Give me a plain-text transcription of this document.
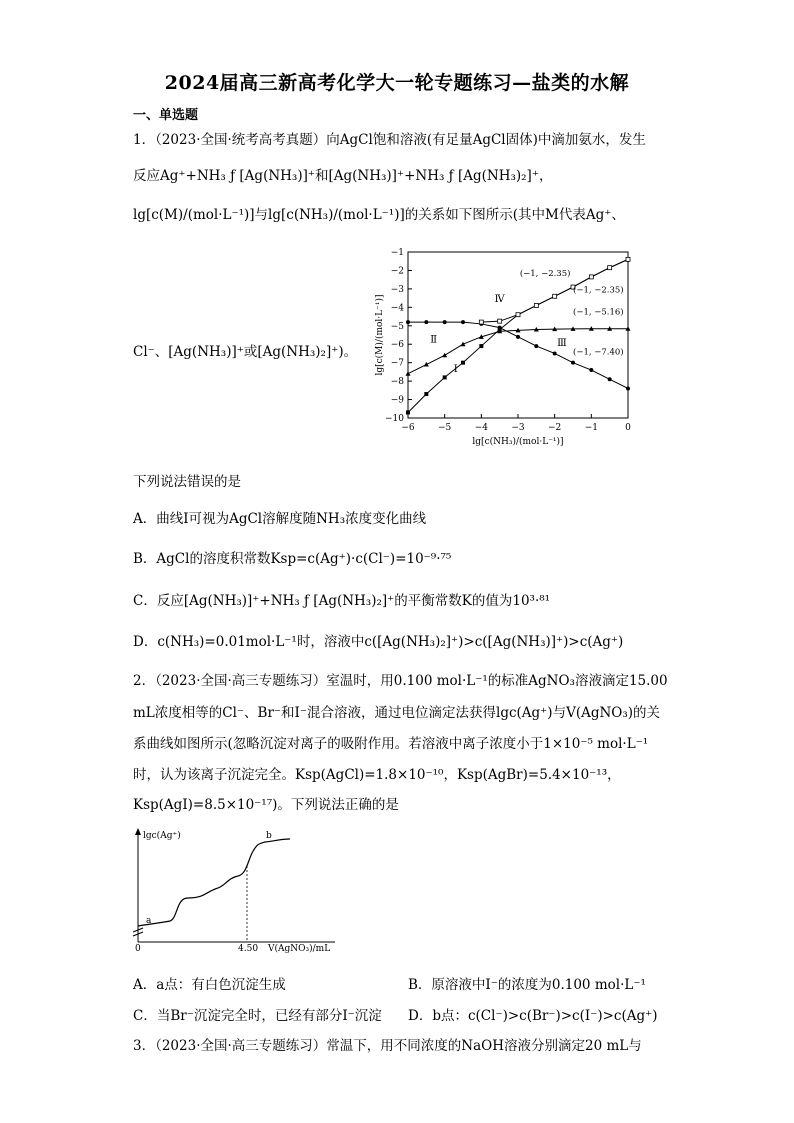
2024届高三新高考化学大一轮专题练习—盐类的水解
一、单选题
1．（2023·全国·统考高考真题）向AgCl饱和溶液(有足量AgCl固体)中滴加氨水，发生
反应Ag⁺+NH₃ ƒ [Ag(NH₃)]⁺和[Ag(NH₃)]⁺+NH₃ ƒ [Ag(NH₃)₂]⁺，
lg[c(M)/(mol·L⁻¹)]与lg[c(NH₃)/(mol·L⁻¹)]的关系如下图所示(其中M代表Ag⁺、
Cl⁻、[Ag(NH₃)]⁺或[Ag(NH₃)₂]⁺)。
−6	−5	−4	−3	−2	−1	0
−1
−2
−3
−4
−5
−6
−7
−8
−9
−10
lg[c(NH₃)/(mol·L⁻¹)]
lg[c(M)/(mol·L⁻¹)]	Ⅰ
Ⅱ	Ⅲ
Ⅳ
(−1, −2.35)
(−1, −2.35)
(−1, −5.16)
(−1, −7.40)
下列说法错误的是
A．曲线Ⅰ可视为AgCl溶解度随NH₃浓度变化曲线
B．AgCl的溶度积常数Ksp=c(Ag⁺)·c(Cl⁻)=10⁻⁹·⁷⁵
C．反应[Ag(NH₃)]⁺+NH₃ ƒ [Ag(NH₃)₂]⁺的平衡常数K的值为10³·⁸¹
D．c(NH₃)=0.01mol·L⁻¹时，溶液中c([Ag(NH₃)₂]⁺)>c([Ag(NH₃)]⁺)>c(Ag⁺)
2．（2023·全国·高三专题练习）室温时，用0.100 mol·L⁻¹的标准AgNO₃溶液滴定15.00
mL浓度相等的Cl⁻、Br⁻和I⁻混合溶液，通过电位滴定法获得lgc(Ag⁺)与V(AgNO₃)的关
系曲线如图所示(忽略沉淀对离子的吸附作用。若溶液中离子浓度小于1×10⁻⁵ mol·L⁻¹
时，认为该离子沉淀完全。Ksp(AgCl)=1.8×10⁻¹⁰，Ksp(AgBr)=5.4×10⁻¹³，
Ksp(AgI)=8.5×10⁻¹⁷)。下列说法正确的是
lgc(Ag⁺)
a
b
0	4.50 V(AgNO₃)/mL
A．a点：有白色沉淀生成	B．原溶液中I⁻的浓度为0.100 mol·L⁻¹
C．当Br⁻沉淀完全时，已经有部分I⁻沉淀 D．b点：c(Cl⁻)>c(Br⁻)>c(I⁻)>c(Ag⁺)
3．（2023·全国·高三专题练习）常温下，用不同浓度的NaOH溶液分别滴定20 mL与
